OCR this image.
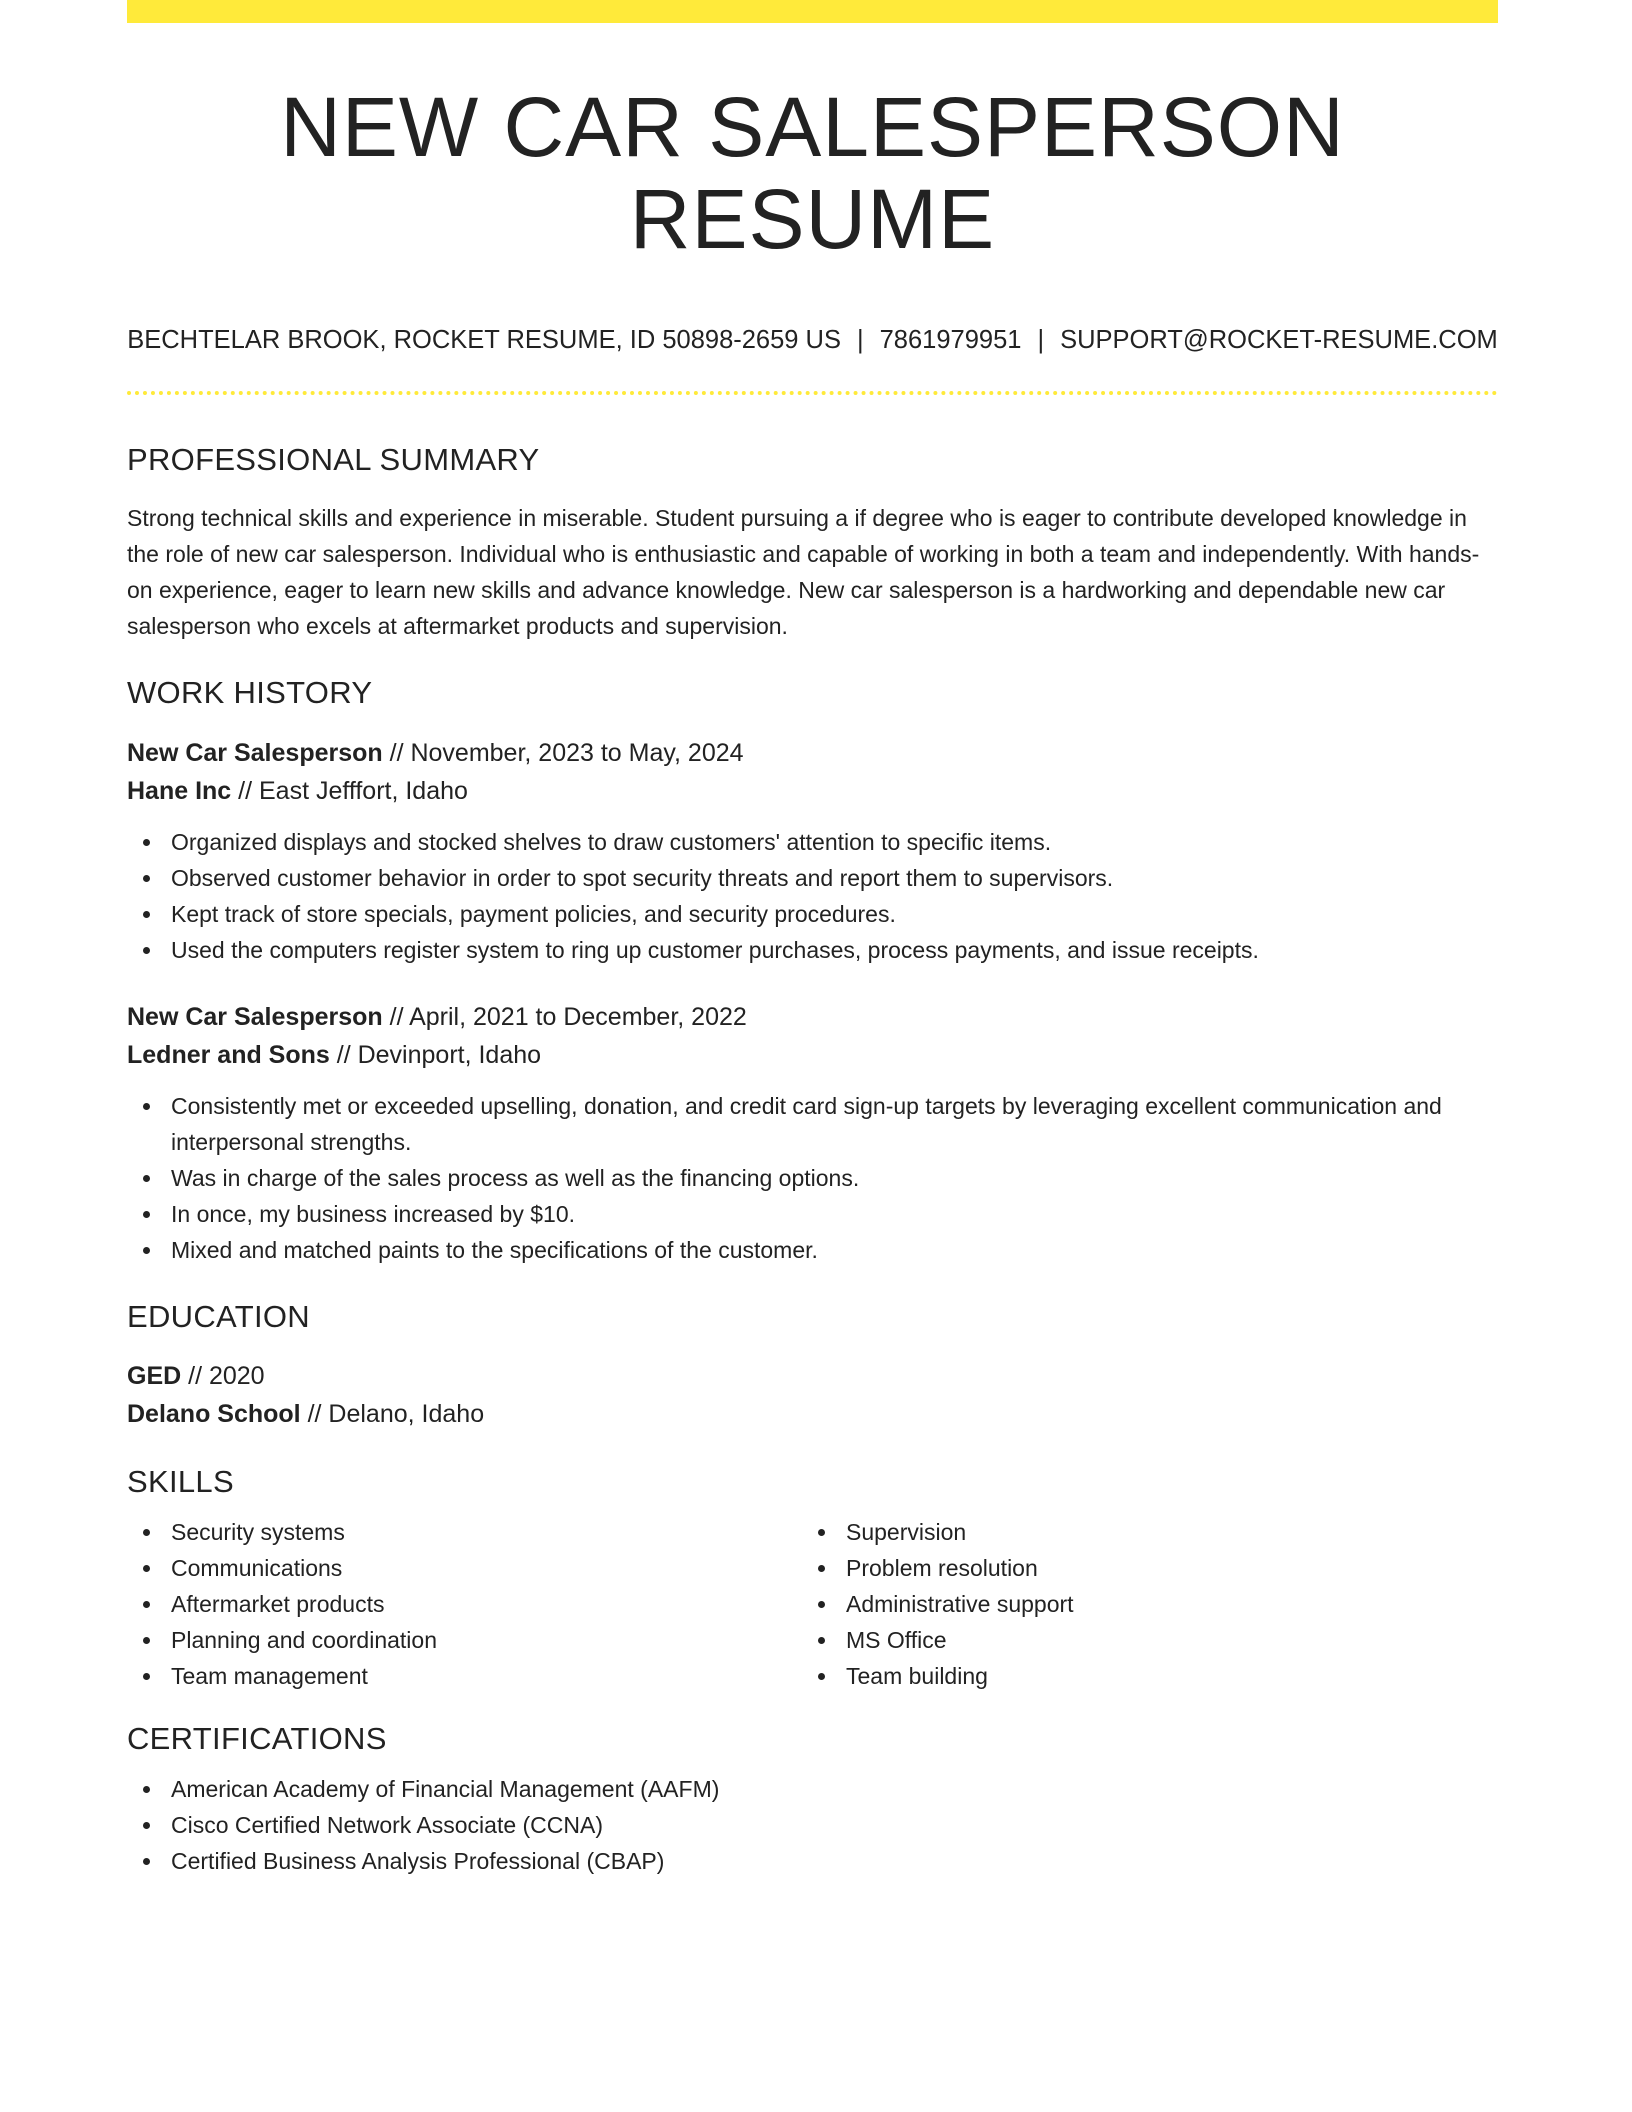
NEW CAR SALESPERSON RESUME
BECHTELAR BROOK, ROCKET RESUME, ID 50898-2659 US | 7861979951 | SUPPORT@ROCKET-RESUME.COM
PROFESSIONAL SUMMARY

Strong technical skills and experience in miserable. Student pursuing a if degree who is eager to contribute developed knowledge in the role of new car salesperson. Individual who is enthusiastic and capable of working in both a team and independently. With hands-on experience, eager to learn new skills and advance knowledge. New car salesperson is a hardworking and dependable new car salesperson who excels at aftermarket products and supervision.

WORK HISTORY
New Car Salesperson // November, 2023 to May, 2024
Hane Inc // East Jefffort, Idaho
Organized displays and stocked shelves to draw customers' attention to specific items.
Observed customer behavior in order to spot security threats and report them to supervisors.
Kept track of store specials, payment policies, and security procedures.
Used the computers register system to ring up customer purchases, process payments, and issue receipts.
New Car Salesperson // April, 2021 to December, 2022
Ledner and Sons // Devinport, Idaho
Consistently met or exceeded upselling, donation, and credit card sign-up targets by leveraging excellent communication and interpersonal strengths.
Was in charge of the sales process as well as the financing options.
In once, my business increased by $10.
Mixed and matched paints to the specifications of the customer.
EDUCATION
GED // 2020
Delano School // Delano, Idaho
SKILLS
Security systems
Communications
Aftermarket products
Planning and coordination
Team management
Supervision
Problem resolution
Administrative support
MS Office
Team building
CERTIFICATIONS
American Academy of Financial Management (AAFM)
Cisco Certified Network Associate (CCNA)
Certified Business Analysis Professional (CBAP)
